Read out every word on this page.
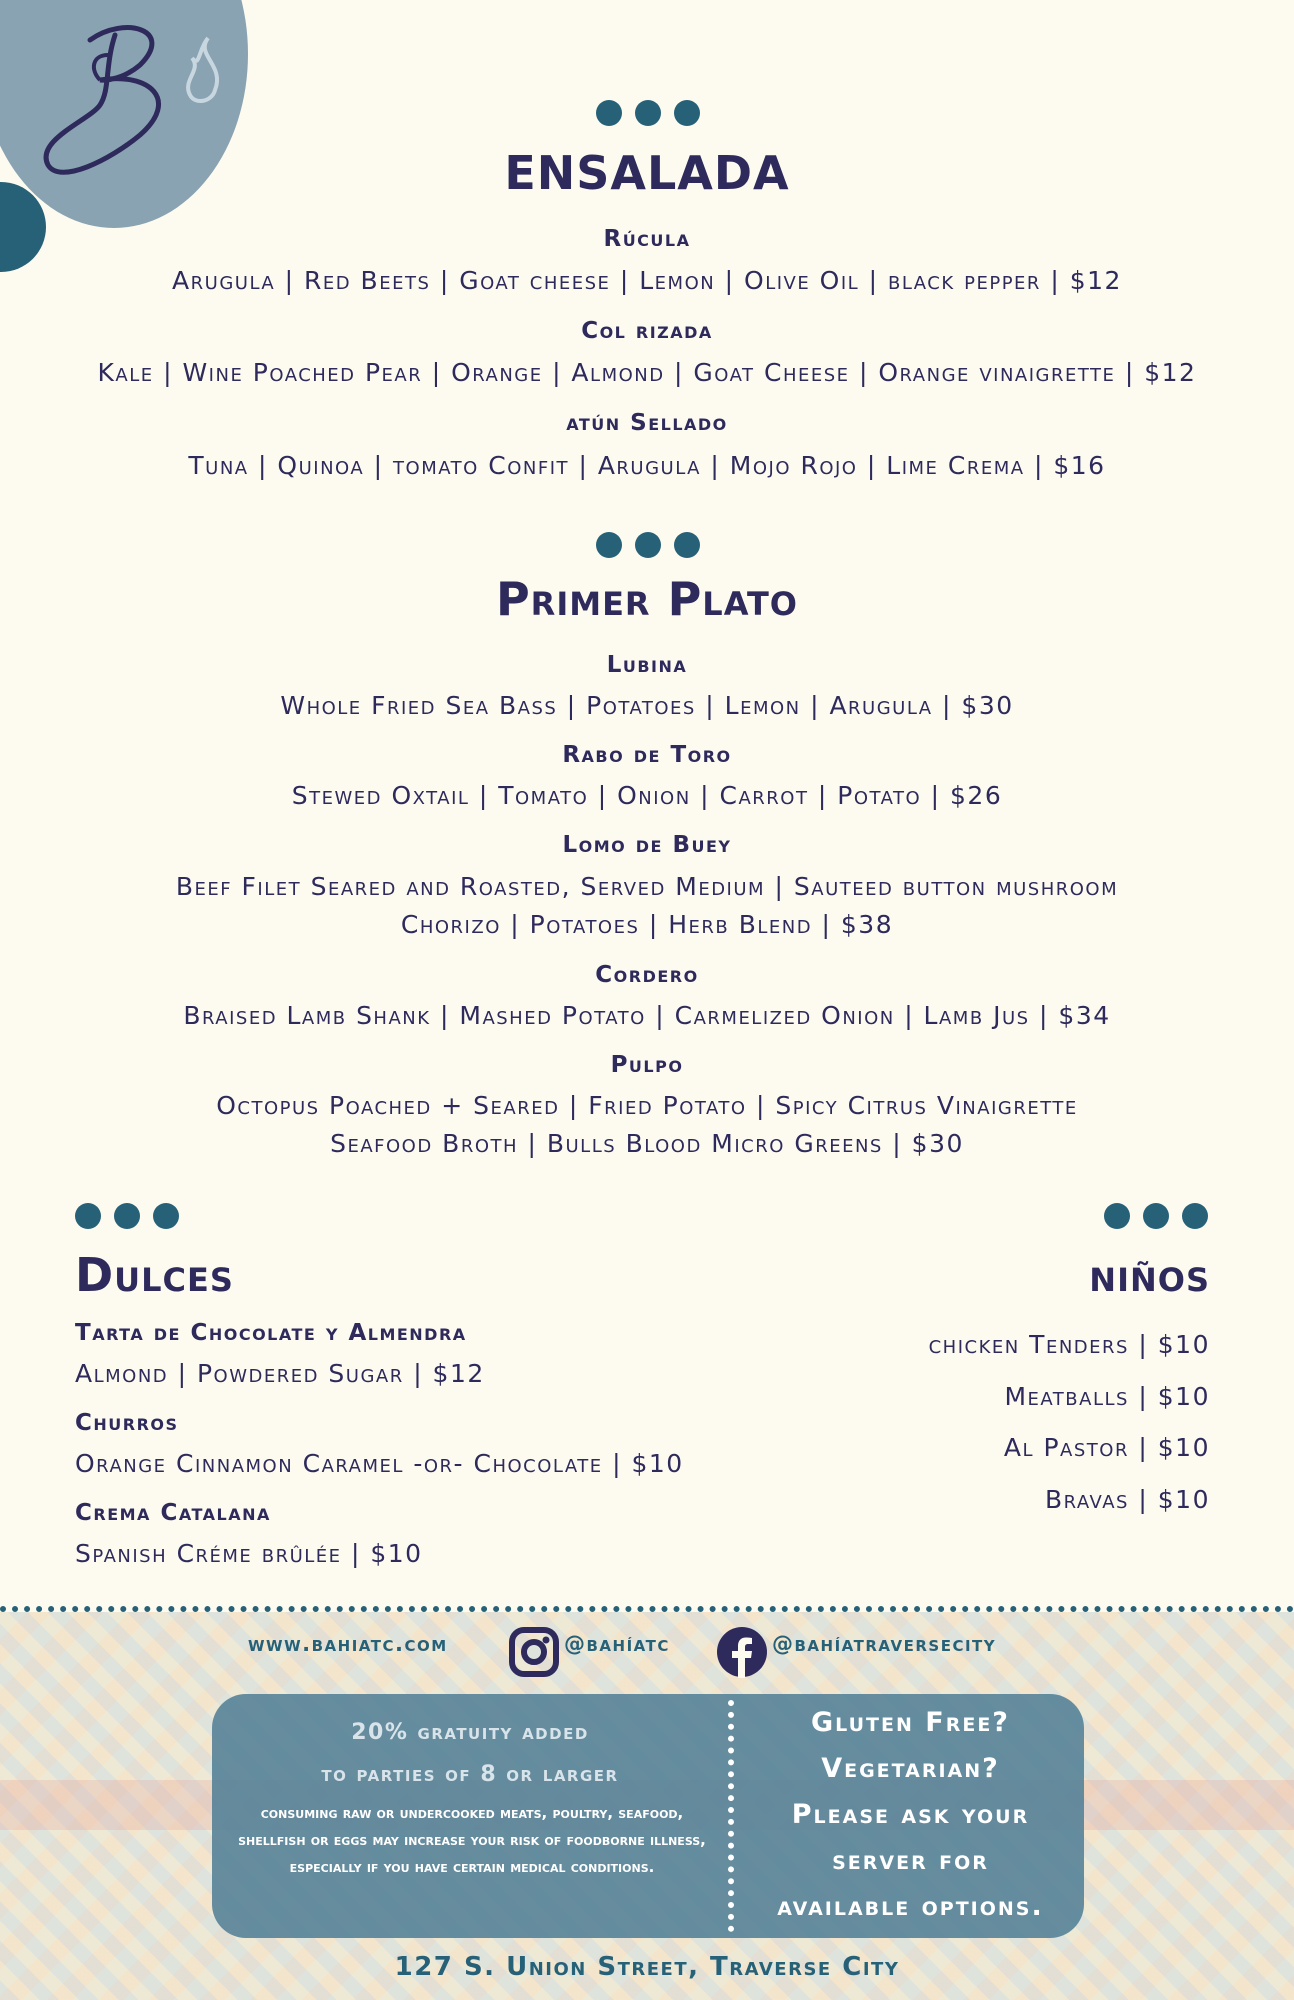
ENSALADA
Rúcula
Arugula | Red Beets | Goat cheese | Lemon | Olive Oil | black pepper | $12
Col rizada
Kale | Wine Poached Pear | Orange | Almond | Goat Cheese | Orange vinaigrette | $12
atún Sellado
Tuna | Quinoa | tomato Confit | Arugula | Mojo Rojo | Lime Crema | $16
Primer Plato
Lubina
Whole Fried Sea Bass | Potatoes | Lemon | Arugula | $30
Rabo de Toro
Stewed Oxtail | Tomato | Onion | Carrot | Potato | $26
Lomo de Buey
Beef Filet Seared and Roasted, Served Medium | Sauteed button mushroom
Chorizo | Potatoes | Herb Blend | $38
Cordero
Braised Lamb Shank | Mashed Potato | Carmelized Onion | Lamb Jus | $34
Pulpo
Octopus Poached + Seared | Fried Potato | Spicy Citrus Vinaigrette
Seafood Broth | Bulls Blood Micro Greens | $30
Dulces
Tarta de Chocolate y Almendra
Almond | Powdered Sugar | $12
Churros
Orange Cinnamon Caramel -or- Chocolate | $10
Crema Catalana
Spanish Créme brûlée | $10
niños
chicken Tenders | $10
Meatballs | $10
Al Pastor | $10
Bravas | $10
www.bahiatc.com	@bahíatc	@bahíatraversecity
20% gratuity added
to parties of 8 or larger
consuming raw or undercooked meats, poultry, seafood, shellfish or eggs may increase your risk of foodborne illness, especially if you have certain medical conditions.
Gluten Free?
Vegetarian?
Please ask your
server for
available options.
127 S. Union Street, Traverse City
